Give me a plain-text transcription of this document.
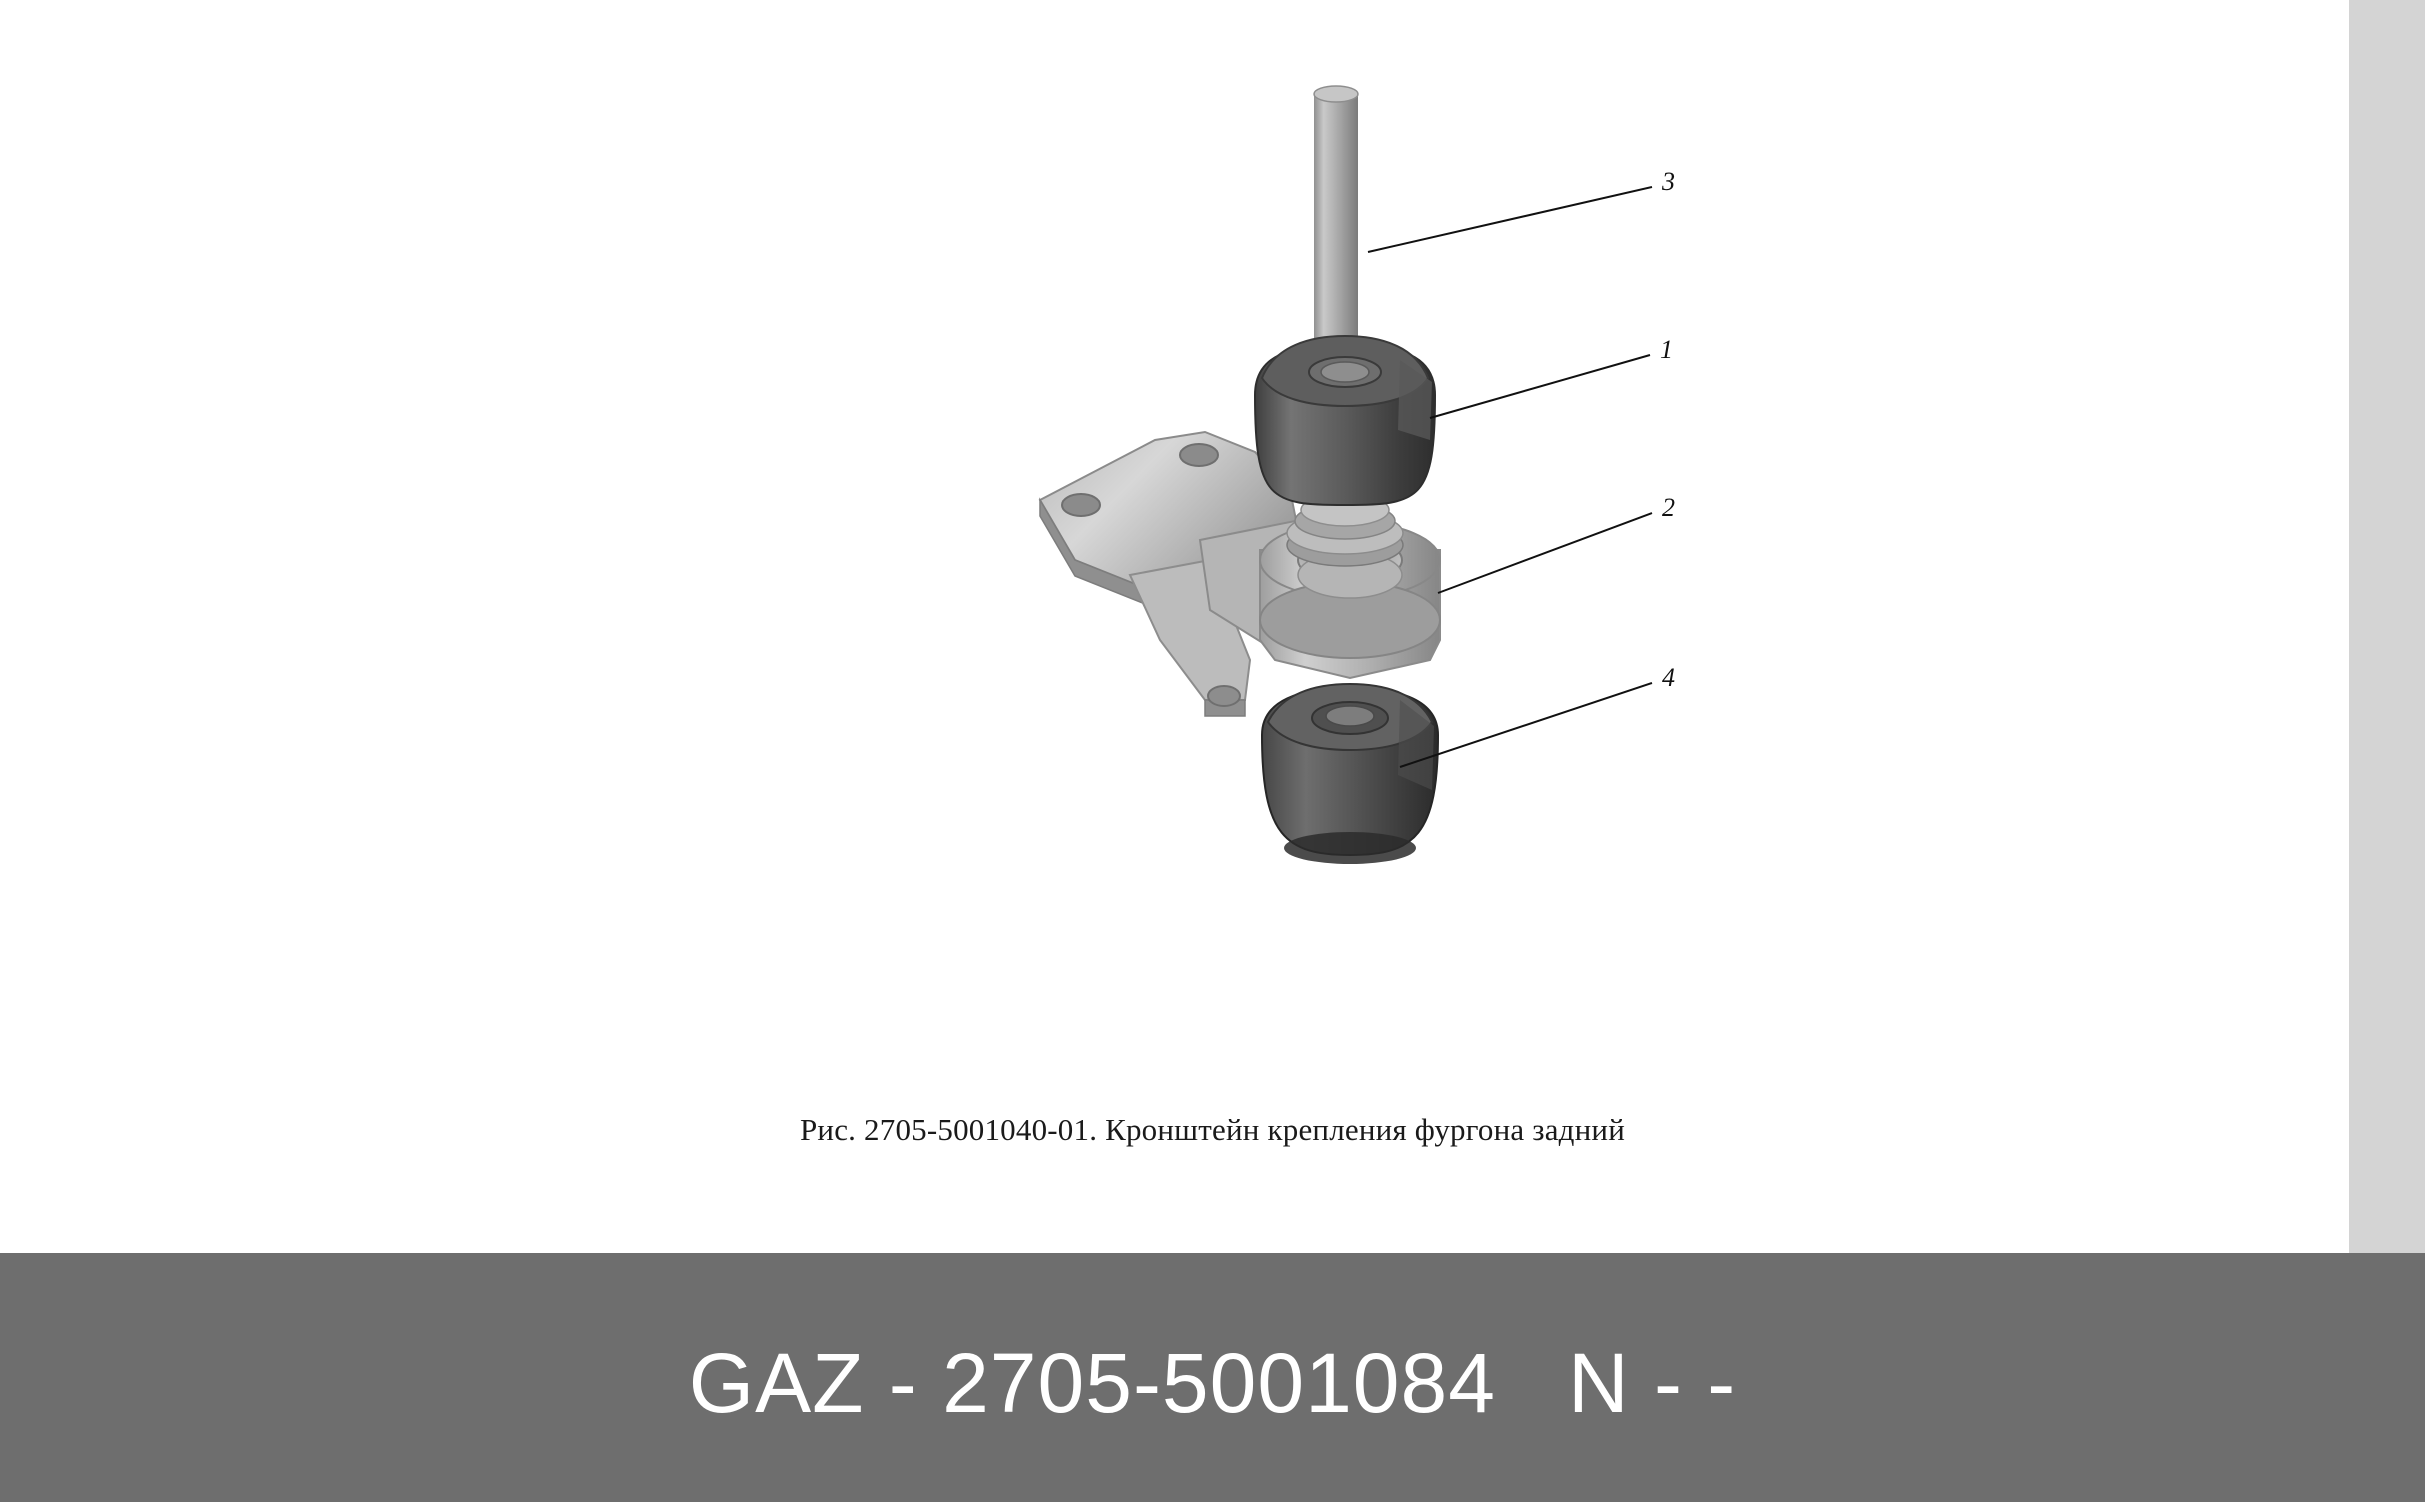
3
1
2
4
Рис. 2705-5001040-01. Кронштейн крепления фургона задний
GAZ - 2705-5001084 N - -
